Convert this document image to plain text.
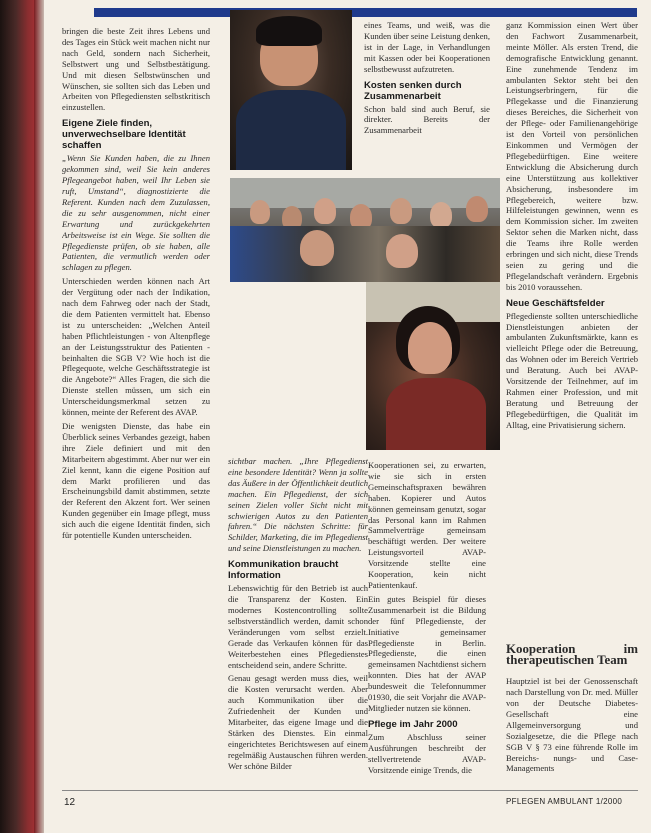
bringen die beste Zeit ihres Lebens und des Tages ein Stück weit machen nicht nur nach Geld, sondern nach Sicherheit, Selbstwert ung und Selbstbestätigung. Und mit diesen Selbstwünschen und Wünschen, sie sollten sich das Leben und Arbeiten von Pflegediensten selbstkritisch einzustellen.

Eigene Ziele finden, unverwechselbare Identität schaffen

„Wenn Sie Kunden haben, die zu Ihnen gekommen sind, weil Sie kein anderes Pflegeangebot haben, weil Ihr Leben sie ruft, Umstand“, diagnostizierte die Referent. Kunden nach dem Zuzulassen, die zu sehr ausgenommen, nicht einer Erwartung und zurückgekehrten Arbeitsweise ist ein Wege. Sie sollten die Pflegedienste prüfen, ob sie haben, alle Patienten, die vermutlich werden oder schlagen zu pflegen.

Unterschieden werden können nach Art der Vergütung oder nach der Indikation, nach dem Fahrweg oder nach der Stadt, die dem Patienten vermittelt hat. Ebenso ist zu unterscheiden: „Welchen Anteil haben Pflichtleistungen - von Altenpflege an der Leistungsstruktur des Patienten - beinhalten die SGB V? Wie hoch ist die Pflegequote, welche Geschäftsstrategie ist die Angebote?“ Alles Fragen, die sich die Dienste stellen müssen, um sich ein Unterscheidungsmerkmal setzen zu können, meinte der Referent des AVAP.

Die wenigsten Dienste, das habe ein Überblick seines Verbandes gezeigt, haben ihre Ziele definiert und mit den Mitarbeitern abgestimmt. Aber nur wer ein Ziel kennt, kann die eigene Position auf dem Markt profilieren und das Erscheinungsbild damit abstimmen, setzte der Referent den Akzent fort. Wer seinen Kunden gegenüber ein Image pflegt, muss sich auch die eigene Identität finden, sich für potentielle Kunden unterscheiden.

sichtbar machen. „Ihre Pflegedienst eine besondere Identität? Wenn ja sollte das Äußere in der Öffentlichkeit deutlich machen. Ein Pflegedienst, der sich seinen Zielen voller Sicht nicht mit schwierigen Autos zu den Patienten fahren.“ Die nächsten Schritte: für Schilder, Marketing, die im Pflegedienst und seine Dienstleistungen zu machen.

Kommunikation braucht Information

Lebenswichtig für den Betrieb ist auch die Transparenz der Kosten. Ein modernes Kostencontrolling sollte selbstverständlich werden, damit schon Veränderungen vom selbst erzielt. Gerade das Verkaufen können für das Weiterbestehen eines Pflegedienstes entscheidend sein, andere Schritte.

Genau gesagt werden muss dies, weil die Kosten verursacht werden. Aber auch Kommunikation über die Zufriedenheit der Kunden und Mitarbeiter, das eigene Image und die Stärken des Dienstes. Ein einmal eingerichtetes Berichtswesen auf einem regelmäßig Austauschen führen werden. Wer schöne Bilder

eines Teams, und weiß, was die Kunden über seine Leistung denken, ist in der Lage, in Verhandlungen mit Kassen oder bei Kooperationen selbstbewusst aufzutreten.

Kosten senken durch Zusammenarbeit

Schon bald sind auch Beruf, sie direkter. Bereits der Zusammenarbeit

Kooperationen sei, zu erwarten, wie sie sich in ersten Gemeinschaftspraxen bewähren haben. Kopierer und Autos können gemeinsam genutzt, sogar das Personal kann im Rahmen Sammelverträge gemeinsam beschäftigt werden. Der weitere Leistungsvorteil AVAP-Vorsitzende stellte eine Kooperation, kein nicht Patientenkauf.

Ein gutes Beispiel für dieses Zusammenarbeit ist die Bildung der fünf Pflegedienste, der Initiative gemeinsamer Pflegedienste in Berlin. Pflegedienste, die einen gemeinsamen Nachtdienst sichern konnten. Dies hat der AVAP bundesweit die Telefonnummer 01930, die seit Vorjahr die AVAP-Mitglieder nutzen sie können.

Pflege im Jahr 2000

Zum Abschluss seiner Ausführungen beschreibt der stellvertretende AVAP-Vorsitzende einige Trends, die

ganz Kommission einen Wert über den Fachwort Zusammenarbeit, meinte Möller. Als ersten Trend, die demografische Entwicklung genannt. Eine zunehmende Tendenz im ambulanten Sektor steht bei den Leistungserbringern, für die Pflegekasse und die Finanzierung dieses Bereiches, die Sicherheit von der Pflege- oder Familienangehörige ist den Vorteil von persönlichen Einkommen und Vermögen der Pflegebedürftigen. Eine weitere Entwicklung die Absicherung durch eine Unterstützung aus kollektiver Absicherung, insbesondere im Pflegebereich, weitere bzw. Hilfeleistungen gewinnen, wenn es dem Kommission sicher. Im zweiten Sektor sehen die Marken nicht, dass die Teams ihre Rolle werden erbringen und sich nicht, diese Trends seien zu gering und die Pflegelandschaft verändern. Ergebnis bis 2010 voraussehen.

Neue Geschäftsfelder

Pflegedienste sollten unterschiedliche Dienstleistungen anbieten der ambulanten Zukunftsmärkte, kann es vielleicht Pflege oder die Betreuung, das Wohnen oder im Bereich Vertrieb und Beratung. Auch bei AVAP-Vorsitzende der Teilnehmer, auf im Rahmen einer Profession, und mit Beratung und Betreuung der Pflegebedürftigen, die Qualität im Alltag, eine Privatisierung sichern.

Kooperation im therapeutischen Team

Hauptziel ist bei der Genossenschaft nach Darstellung von Dr. med. Müller von der Deutsche Diabetes-Gesellschaft eine Allgemeinversorgung und Sozialgesetze, die die Pflege nach SGB V § 73 eine führende Rolle im Bereichs- nungs- und Case-Managements

12	PFLEGEN AMBULANT 1/2000
